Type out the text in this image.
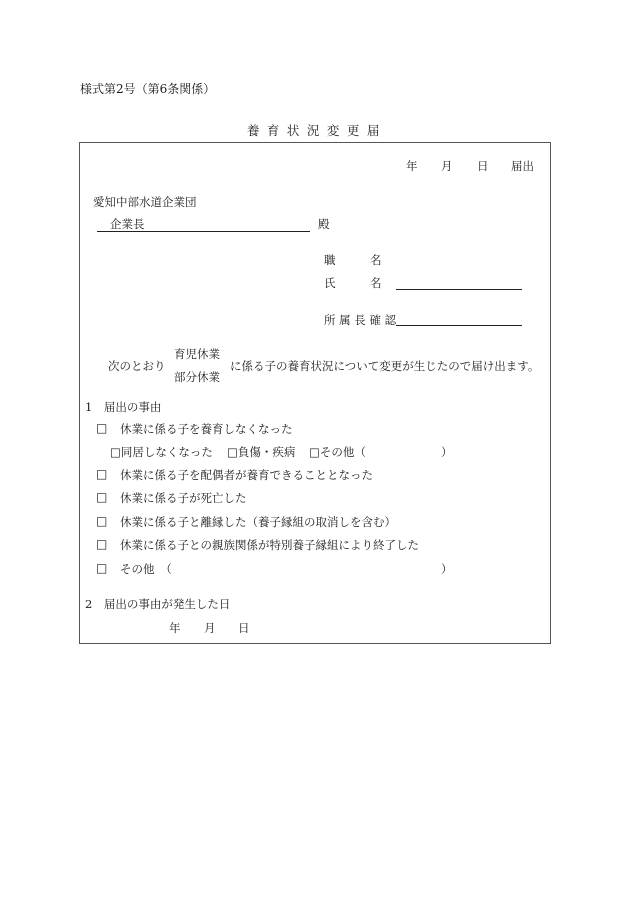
様式第2号（第6条関係）
養育状況変更届
年 月 日 届出
愛知中部水道企業団
企業長	殿
職　　　名
氏　　　名
所 属 長 確 認
次のとおり
育児休業
部分休業
に係る子の養育状況について変更が生じたので届け出ます。
1　届出の事由
□ 休業に係る子を養育しなくなった
□同居しなくなった □負傷・疾病 □その他（	）
□ 休業に係る子を配偶者が養育できることとなった
□ 休業に係る子が死亡した
□ 休業に係る子と離縁した（養子縁組の取消しを含む）
□ 休業に係る子との親族関係が特別養子縁組により終了した
□ その他　（	）
2　届出の事由が発生した日
年 月 日
